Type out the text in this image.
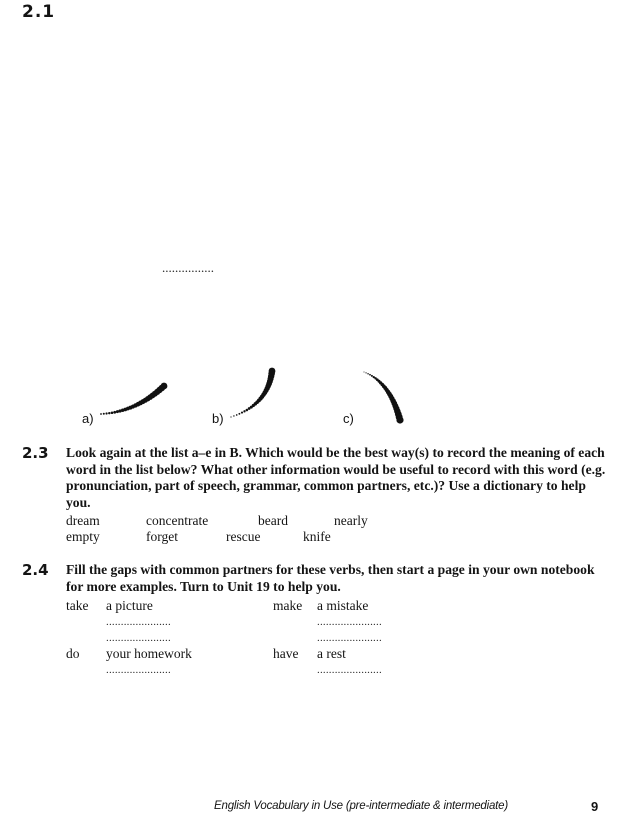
2.1
................
a)	b)	c)
2.3 Look again at the list a–e in B. Which would be the best way(s) to record the meaning of each word in the list below? What other information would be useful to record with this word (e.g. pronunciation, part of speech, grammar, common partners, etc.)? Use a dictionary to help you.
dream	concentrate	beard	nearly
empty	forget	rescue	knife
2.4 Fill the gaps with common partners for these verbs, then start a page in your own notebook for more examples. Turn to Unit 19 to help you.
take a picture
......................
......................
make a mistake
......................
......................
do your homework
......................
have a rest
......................
English Vocabulary in Use (pre-intermediate & intermediate)	9
